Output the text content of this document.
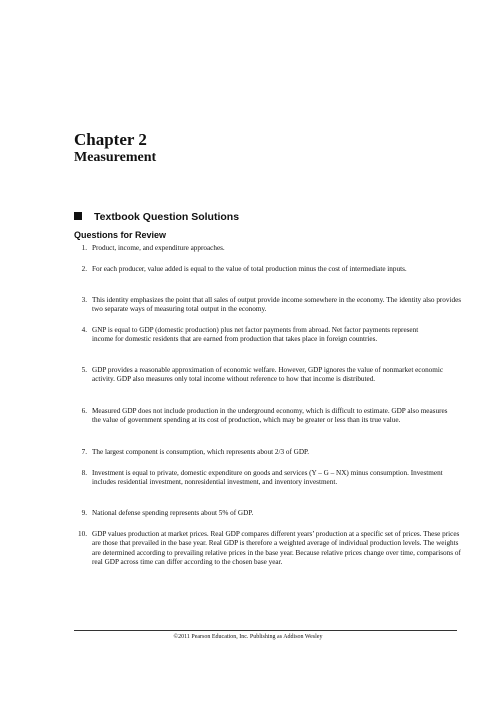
Chapter 2
Measurement
Textbook Question Solutions
Questions for Review
1. Product, income, and expenditure approaches.
2. For each producer, value added is equal to the value of total production minus the cost of intermediate inputs.
3. This identity emphasizes the point that all sales of output provide income somewhere in the economy. The identity also provides two separate ways of measuring total output in the economy.
4. GNP is equal to GDP (domestic production) plus net factor payments from abroad. Net factor payments represent income for domestic residents that are earned from production that takes place in foreign countries.
5. GDP provides a reasonable approximation of economic welfare. However, GDP ignores the value of nonmarket economic activity. GDP also measures only total income without reference to how that income is distributed.
6. Measured GDP does not include production in the underground economy, which is difficult to estimate. GDP also measures the value of government spending at its cost of production, which may be greater or less than its true value.
7. The largest component is consumption, which represents about 2/3 of GDP.
8. Investment is equal to private, domestic expenditure on goods and services (Y – G – NX) minus consumption. Investment includes residential investment, nonresidential investment, and inventory investment.
9. National defense spending represents about 5% of GDP.
10. GDP values production at market prices. Real GDP compares different years’ production at a specific set of prices. These prices are those that prevailed in the base year. Real GDP is therefore a weighted average of individual production levels. The weights are determined according to prevailing relative prices in the base year. Because relative prices change over time, comparisons of real GDP across time can differ according to the chosen base year.
©2011 Pearson Education, Inc. Publishing as Addison Wesley
